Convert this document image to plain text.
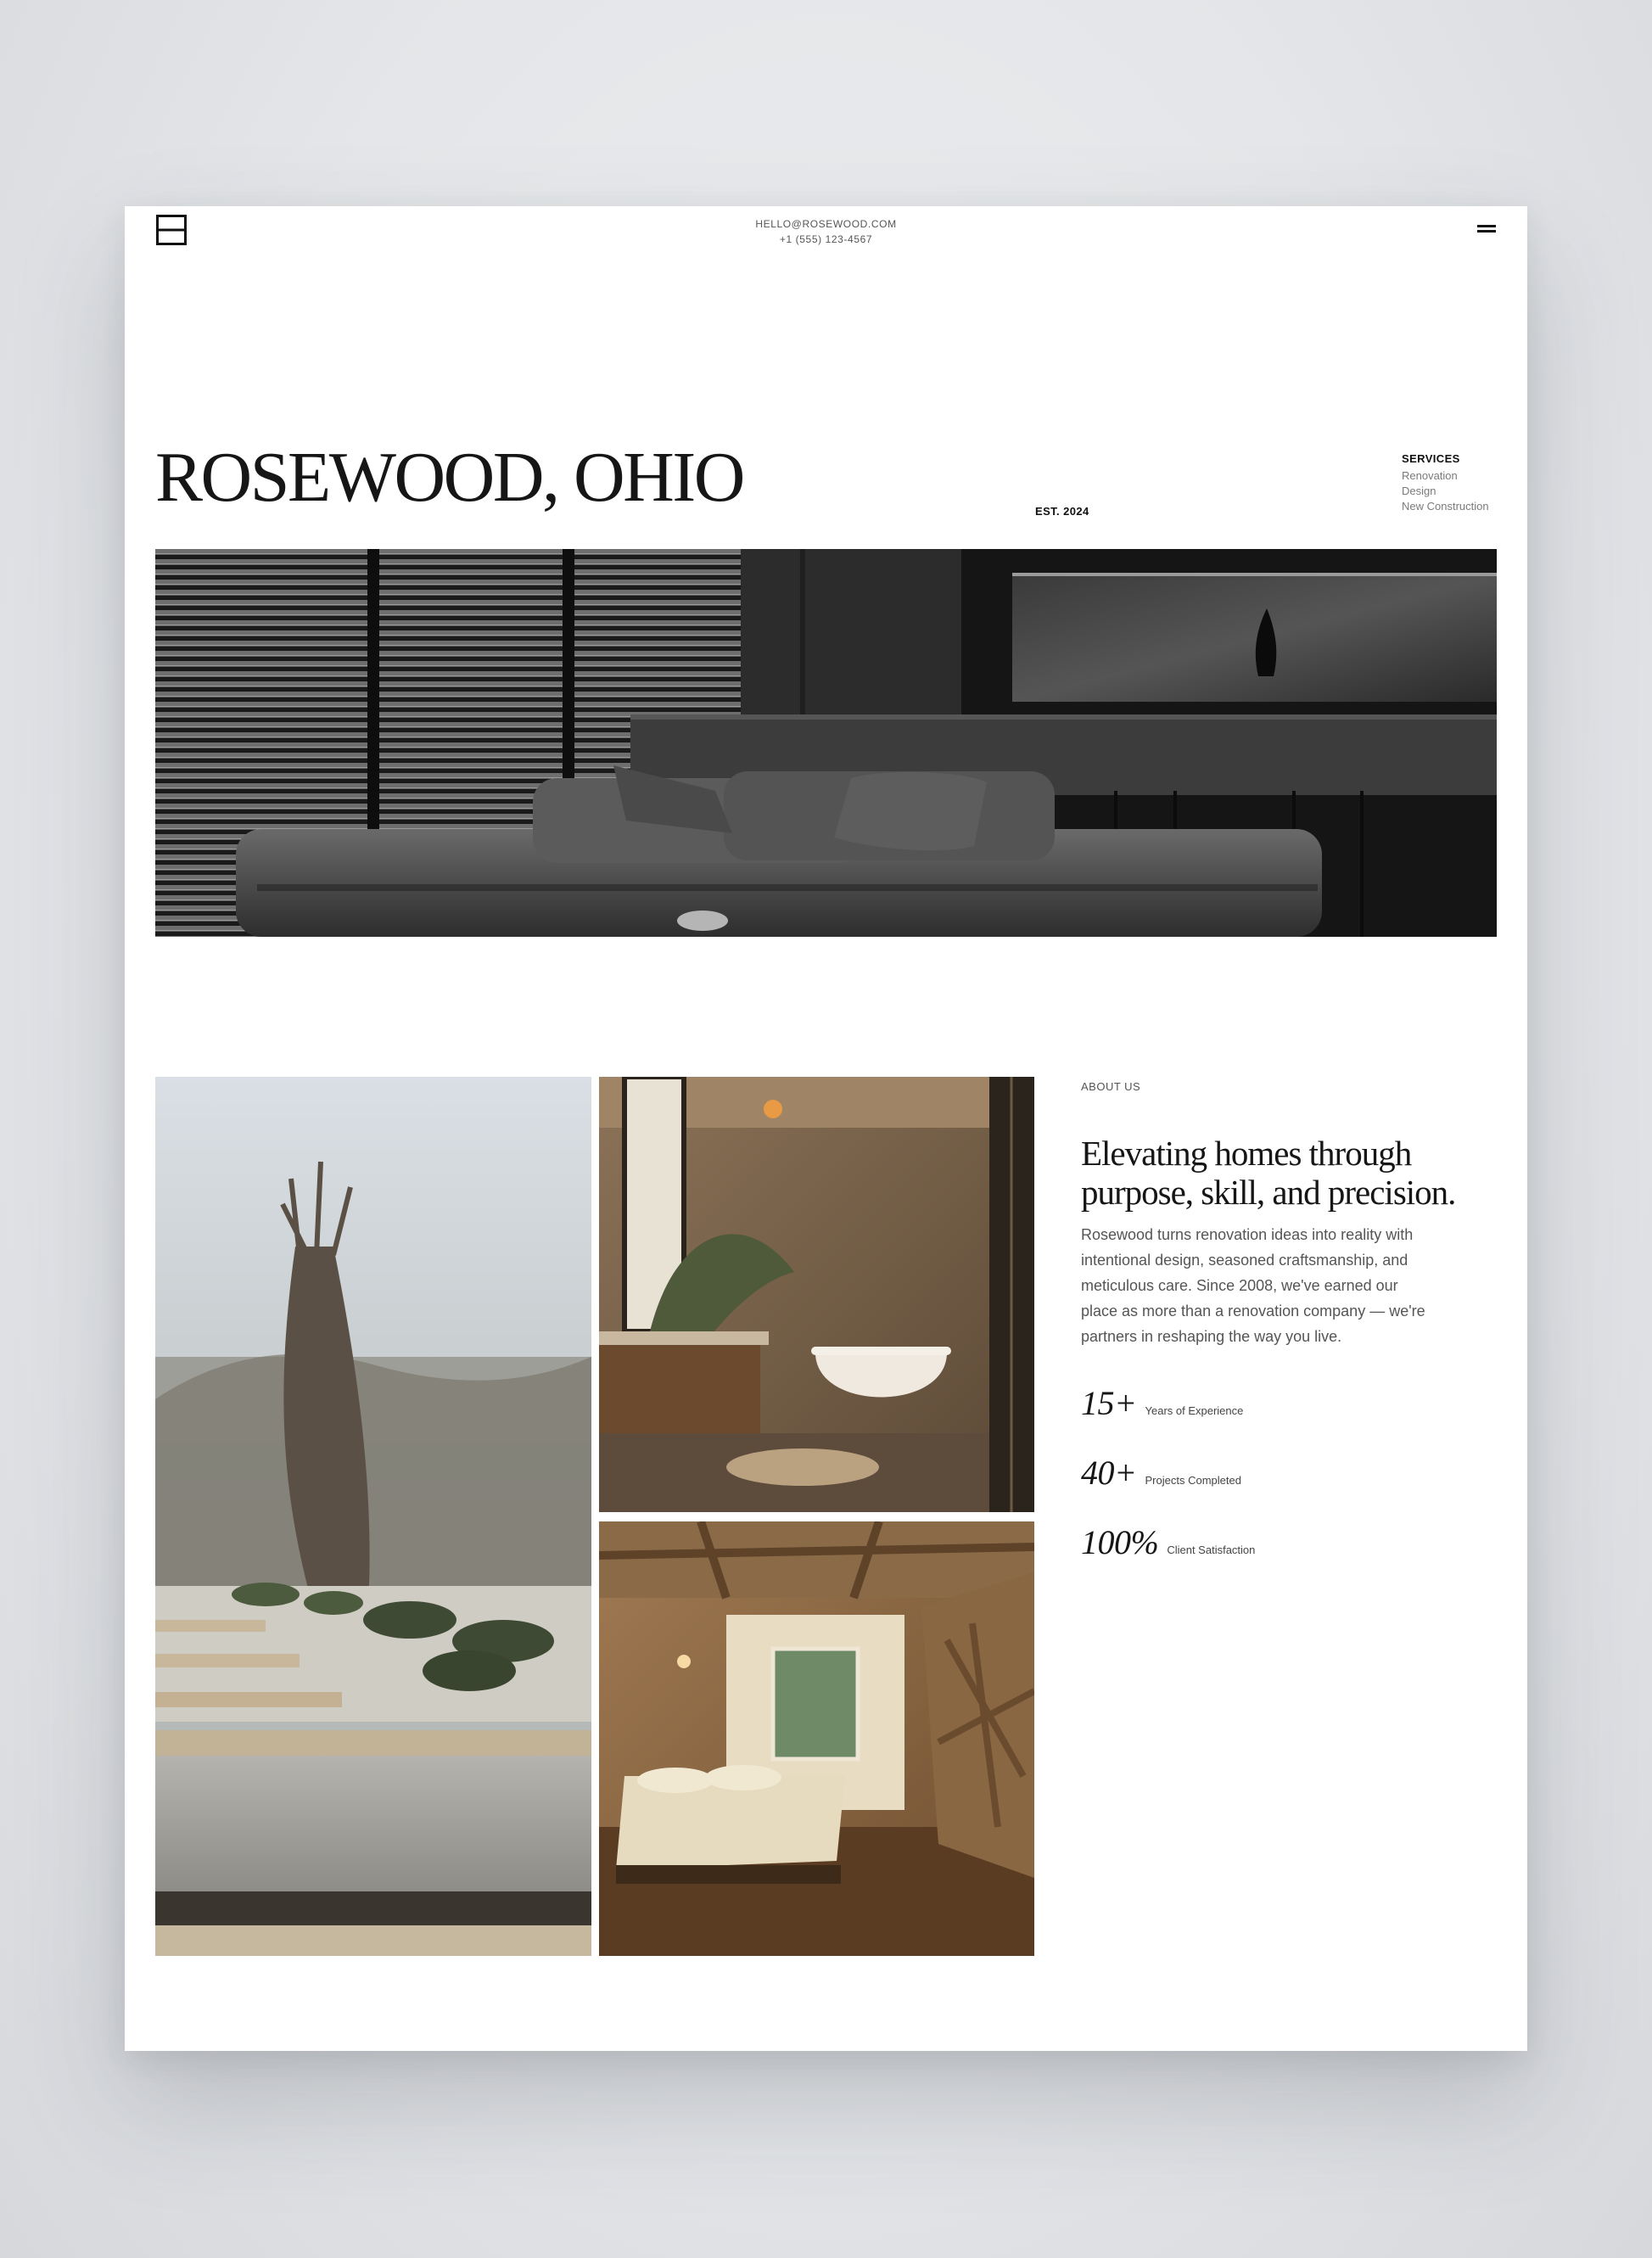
HELLO@ROSEWOOD.COM
+1 (555) 123-4567
ROSEWOOD, OHIO	EST. 2024
SERVICES
Renovation
Design
New Construction
ABOUT US
Elevating homes through purpose, skill, and precision.
Rosewood turns renovation ideas into reality with intentional design, seasoned craftsmanship, and meticulous care. Since 2008, we've earned our place as more than a renovation company — we're partners in reshaping the way you live.
15+ Years of Experience
40+ Projects Completed
100% Client Satisfaction
